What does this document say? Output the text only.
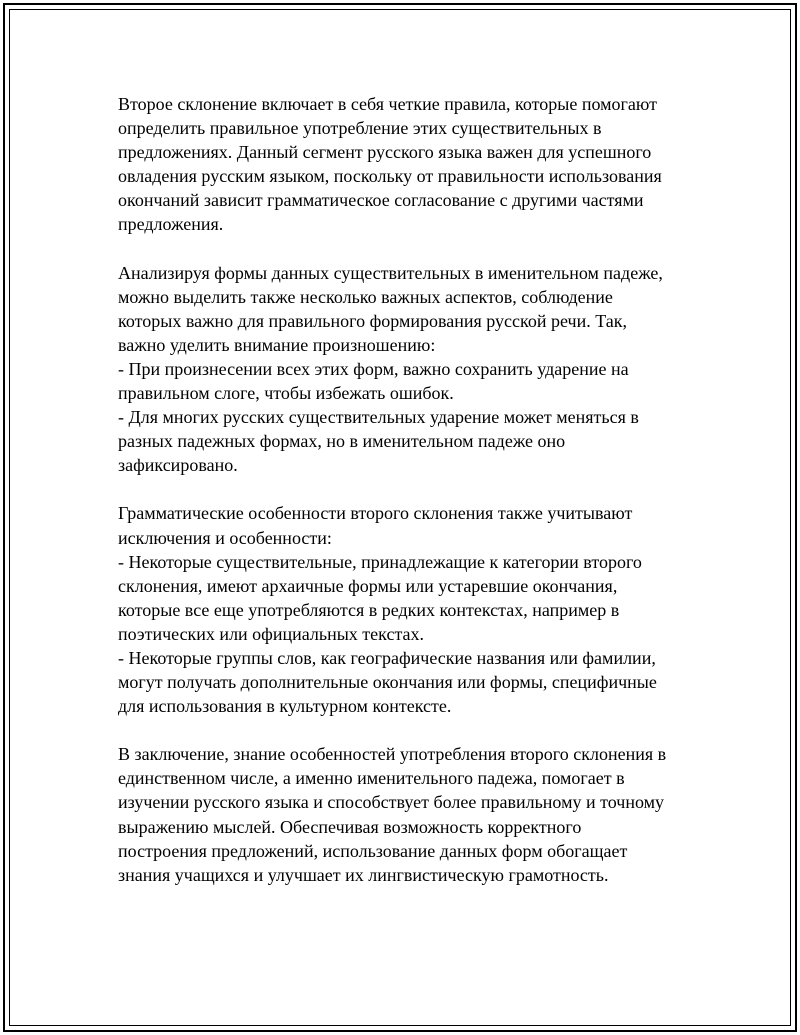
Второе склонение включает в себя четкие правила, которые помогают
определить правильное употребление этих существительных в
предложениях. Данный сегмент русского языка важен для успешного
овладения русским языком, поскольку от правильности использования
окончаний зависит грамматическое согласование с другими частями
предложения.

Анализируя формы данных существительных в именительном падеже,
можно выделить также несколько важных аспектов, соблюдение
которых важно для правильного формирования русской речи. Так,
важно уделить внимание произношению:
- При произнесении всех этих форм, важно сохранить ударение на
правильном слоге, чтобы избежать ошибок.
- Для многих русских существительных ударение может меняться в
разных падежных формах, но в именительном падеже оно
зафиксировано.

Грамматические особенности второго склонения также учитывают
исключения и особенности:
- Некоторые существительные, принадлежащие к категории второго
склонения, имеют архаичные формы или устаревшие окончания,
которые все еще употребляются в редких контекстах, например в
поэтических или официальных текстах.
- Некоторые группы слов, как географические названия или фамилии,
могут получать дополнительные окончания или формы, специфичные
для использования в культурном контексте.

В заключение, знание особенностей употребления второго склонения в
единственном числе, а именно именительного падежа, помогает в
изучении русского языка и способствует более правильному и точному
выражению мыслей. Обеспечивая возможность корректного
построения предложений, использование данных форм обогащает
знания учащихся и улучшает их лингвистическую грамотность.
